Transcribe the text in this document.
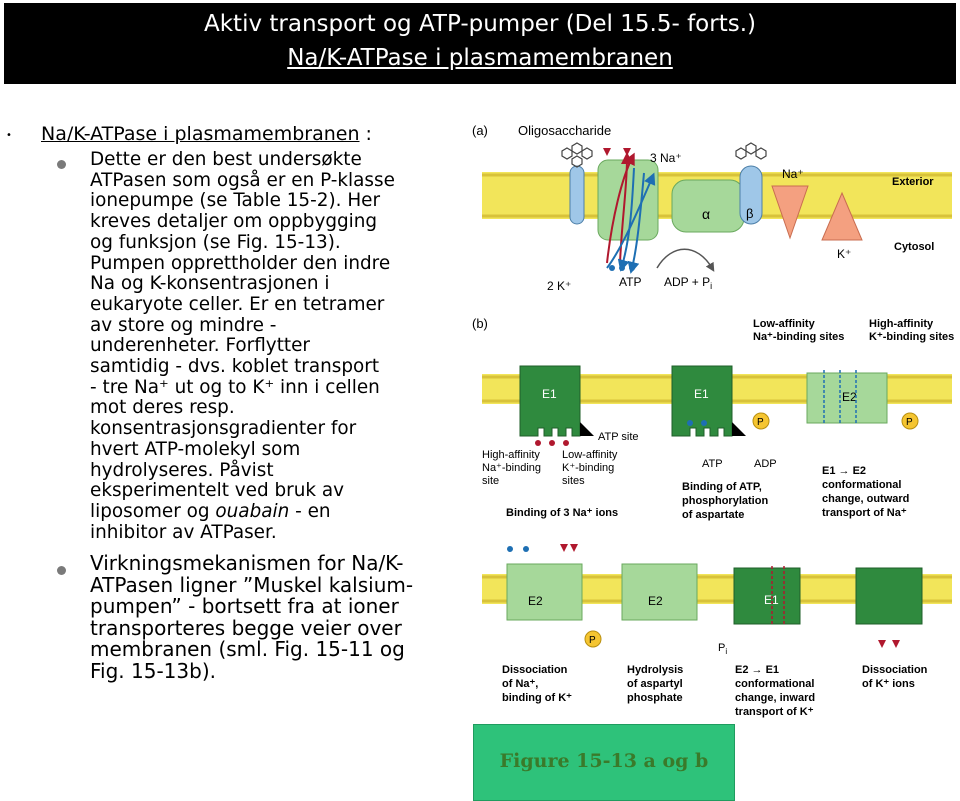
Aktiv transport og ATP-pumper (Del 15.5- forts.)
Na/K-ATPase i plasmamembranen
• Na/K-ATPase i plasmamembranen :
Dette er den best undersøkte
ATPasen som også er en P-klasse
ionepumpe (se Table 15-2). Her
kreves detaljer om oppbygging
og funksjon (se Fig. 15-13).
Pumpen opprettholder den indre
Na og K-konsentrasjonen i
eukaryote celler. Er en tetramer
av store og mindre -
underenheter. Forflytter
samtidig - dvs. koblet transport
- tre Na⁺ ut og to K⁺ inn i cellen
mot deres resp.
konsentrasjonsgradienter for
hvert ATP-molekyl som
hydrolyseres. Påvist
eksperimentelt ved bruk av
liposomer og ouabain - en
inhibitor av ATPaser.
Virkningsmekanismen for Na/K-
ATPasen ligner ”Muskel kalsium-
pumpen” - bortsett fra at ioner
transporteres begge veier over
membranen (sml. Fig. 15-11 og
Fig. 15-13b).
(a) Oligosaccharide
Exterior
Cytosol
α	β
3 Na⁺
2 K⁺	ATP ADP + $P_i$
Na⁺
K⁺
(b)	Low-affinity Na⁺-binding sites
High-affinity K⁺-binding sites
E1	E1
P
E2
P
ATP site
High-affinity Na⁺-binding site
Low-affinity K⁺-binding sites
ATP	ADP
Binding of 3 Na⁺ ions
Binding of ATP, phosphorylation of aspartate
E1 → E2 conformational change, outward transport of Na⁺
E2
P
E2
$P_i$
E1
Dissociation of Na⁺, binding of K⁺
Hydrolysis of aspartyl phosphate
E2 → E1 conformational change, inward transport of K⁺
Dissociation of K⁺ ions
Figure 15-13 a og b
